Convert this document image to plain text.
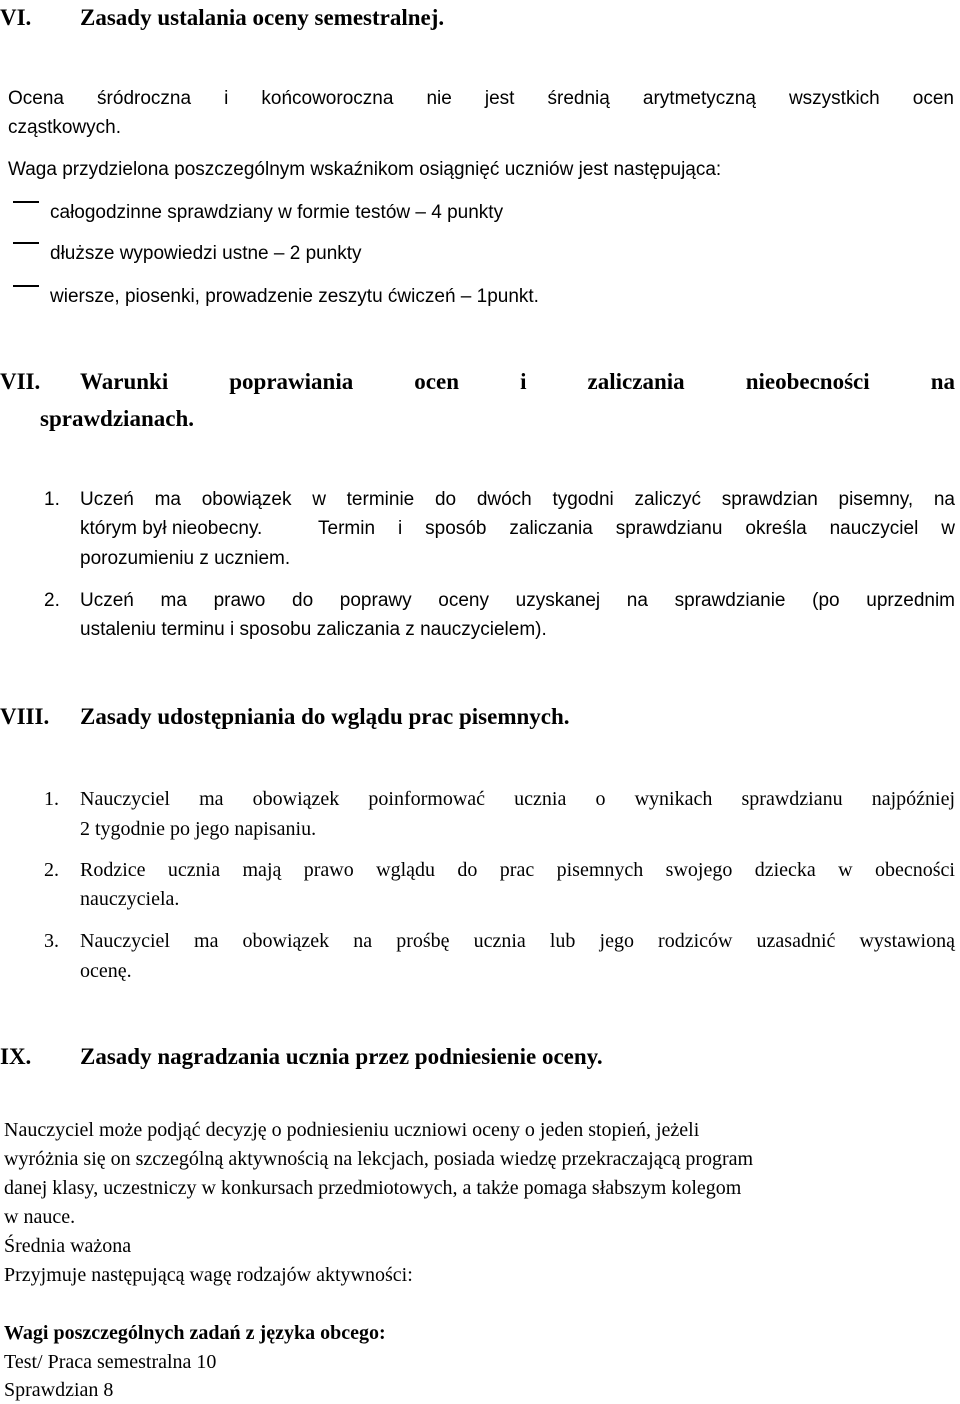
VI. Zasady ustalania oceny semestralnej.
Ocena śródroczna i końcoworoczna nie jest średnią arytmetyczną wszystkich ocen
cząstkowych.
Waga przydzielona poszczególnym wskaźnikom osiągnięć uczniów jest następująca:
całogodzinne sprawdziany w formie testów – 4 punkty
dłuższe wypowiedzi ustne – 2 punkty
wiersze, piosenki, prowadzenie zeszytu ćwiczeń – 1punkt.
VII. Warunki poprawiania ocen i zaliczania nieobecności na
sprawdzianach.
1. Uczeń ma obowiązek w terminie do dwóch tygodni zaliczyć sprawdzian pisemny, na
którym był nieobecny.	Termin i sposób zaliczania sprawdzianu określa nauczyciel w
porozumieniu z uczniem.
2. Uczeń ma prawo do poprawy oceny uzyskanej na sprawdzianie (po uprzednim
ustaleniu terminu i sposobu zaliczania z nauczycielem).
VIII. Zasady udostępniania do wglądu prac pisemnych.
1. Nauczyciel ma obowiązek poinformować ucznia o wynikach sprawdzianu najpóźniej
2 tygodnie po jego napisaniu.
2. Rodzice ucznia mają prawo wglądu do prac pisemnych swojego dziecka w obecności
nauczyciela.
3. Nauczyciel ma obowiązek na prośbę ucznia lub jego rodziców uzasadnić wystawioną
ocenę.
IX. Zasady nagradzania ucznia przez podniesienie oceny.
Nauczyciel może podjąć decyzję o podniesieniu uczniowi oceny o jeden stopień, jeżeli
wyróżnia się on szczególną aktywnością na lekcjach, posiada wiedzę przekraczającą program
danej klasy, uczestniczy w konkursach przedmiotowych, a także pomaga słabszym kolegom
w nauce.
Średnia ważona
Przyjmuje następującą wagę rodzajów aktywności:
Wagi poszczególnych zadań z języka obcego:
Test/ Praca semestralna 10
Sprawdzian 8
